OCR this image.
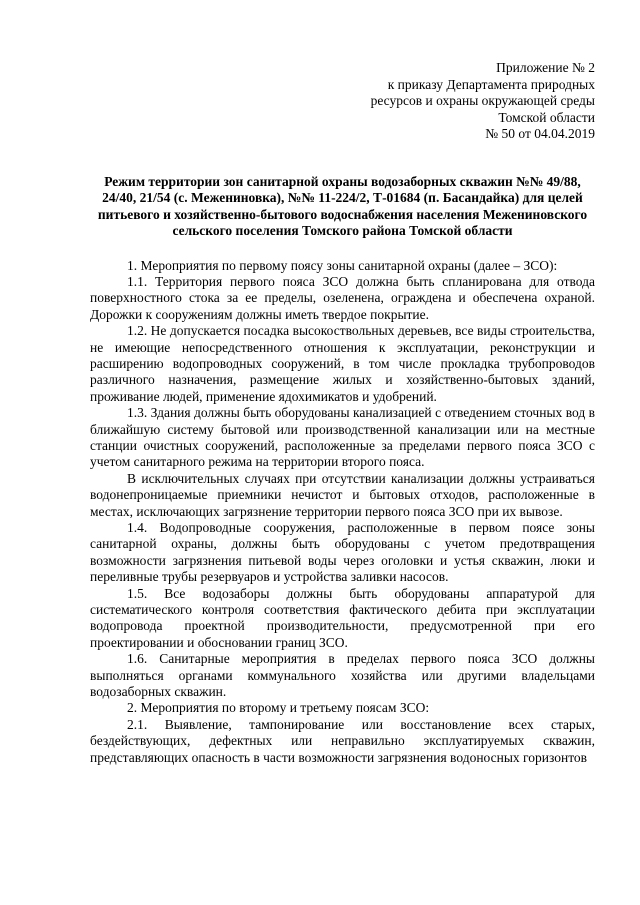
Приложение № 2
к приказу Департамента природных
ресурсов и охраны окружающей среды
Томской области
№ 50 от 04.04.2019
Режим территории зон санитарной охраны водозаборных скважин №№ 49/88, 24/40, 21/54 (с. Межениновка), №№ 11-224/2, Т-01684 (п. Басандайка) для целей питьевого и хозяйственно-бытового водоснабжения населения Межениновского сельского поселения Томского района Томской области

1. Мероприятия по первому поясу зоны санитарной охраны (далее – ЗСО):

1.1. Территория первого пояса ЗСО должна быть спланирована для отвода поверхностного стока за ее пределы, озеленена, ограждена и обеспечена охраной. Дорожки к сооружениям должны иметь твердое покрытие.

1.2. Не допускается посадка высокоствольных деревьев, все виды строительства, не имеющие непосредственного отношения к эксплуатации, реконструкции и расширению водопроводных сооружений, в том числе прокладка трубопроводов различного назначения, размещение жилых и хозяйственно-бытовых зданий, проживание людей, применение ядохимикатов и удобрений.

1.3. Здания должны быть оборудованы канализацией с отведением сточных вод в ближайшую систему бытовой или производственной канализации или на местные станции очистных сооружений, расположенные за пределами первого пояса ЗСО с учетом санитарного режима на территории второго пояса.

В исключительных случаях при отсутствии канализации должны устраиваться водонепроницаемые приемники нечистот и бытовых отходов, расположенные в местах, исключающих загрязнение территории первого пояса ЗСО при их вывозе.

1.4. Водопроводные сооружения, расположенные в первом поясе зоны санитарной охраны, должны быть оборудованы с учетом предотвращения возможности загрязнения питьевой воды через оголовки и устья скважин, люки и переливные трубы резервуаров и устройства заливки насосов.

1.5. Все водозаборы должны быть оборудованы аппаратурой для систематического контроля соответствия фактического дебита при эксплуатации водопровода проектной производительности, предусмотренной при его проектировании и обосновании границ ЗСО.

1.6. Санитарные мероприятия в пределах первого пояса ЗСО должны выполняться органами коммунального хозяйства или другими владельцами водозаборных скважин.

2. Мероприятия по второму и третьему поясам ЗСО:

2.1. Выявление, тампонирование или восстановление всех старых, бездействующих, дефектных или неправильно эксплуатируемых скважин, представляющих опасность в части возможности загрязнения водоносных горизонтов
